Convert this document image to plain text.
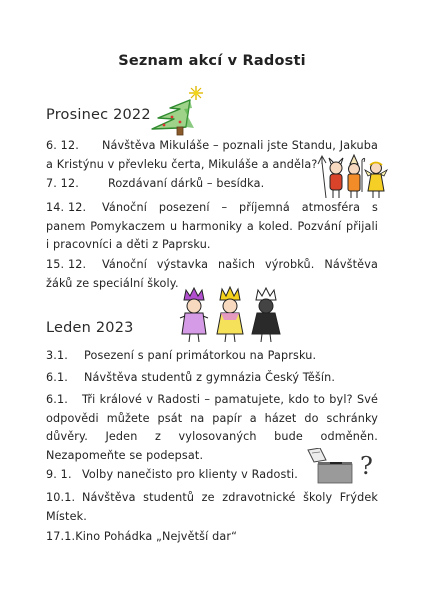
Seznam akcí v Radosti
Prosinec 2022
6. 12. Návštěva Mikuláše – poznali jste Standu, Jakuba a Kristýnu v převleku čerta, Mikuláše a anděla?
7. 12.	Rozdávaní dárků – besídka.
14. 12. Vánoční posezení – příjemná atmosféra s panem Pomykaczem u harmoniky a koled. Pozvání přijali i pracovníci a děti z Paprsku.
15. 12. Vánoční výstavka našich výrobků. Návštěva žáků ze speciální školy.
Leden 2023
3.1. Posezení s paní primátorkou na Paprsku.
6.1. Návštěva studentů z gymnázia Český Těšín.
6.1. Tři králové v Radosti – pamatujete, kdo to byl? Své odpovědi můžete psát na papír a házet do schránky důvěry. Jeden z vylosovaných bude odměněn. Nezapomeňte se podepsat.
9. 1. Volby nanečisto pro klienty v Radosti.	?
10.1. Návštěva studentů ze zdravotnické školy Frýdek Místek.
17.1.Kino Pohádka „Největší dar“
